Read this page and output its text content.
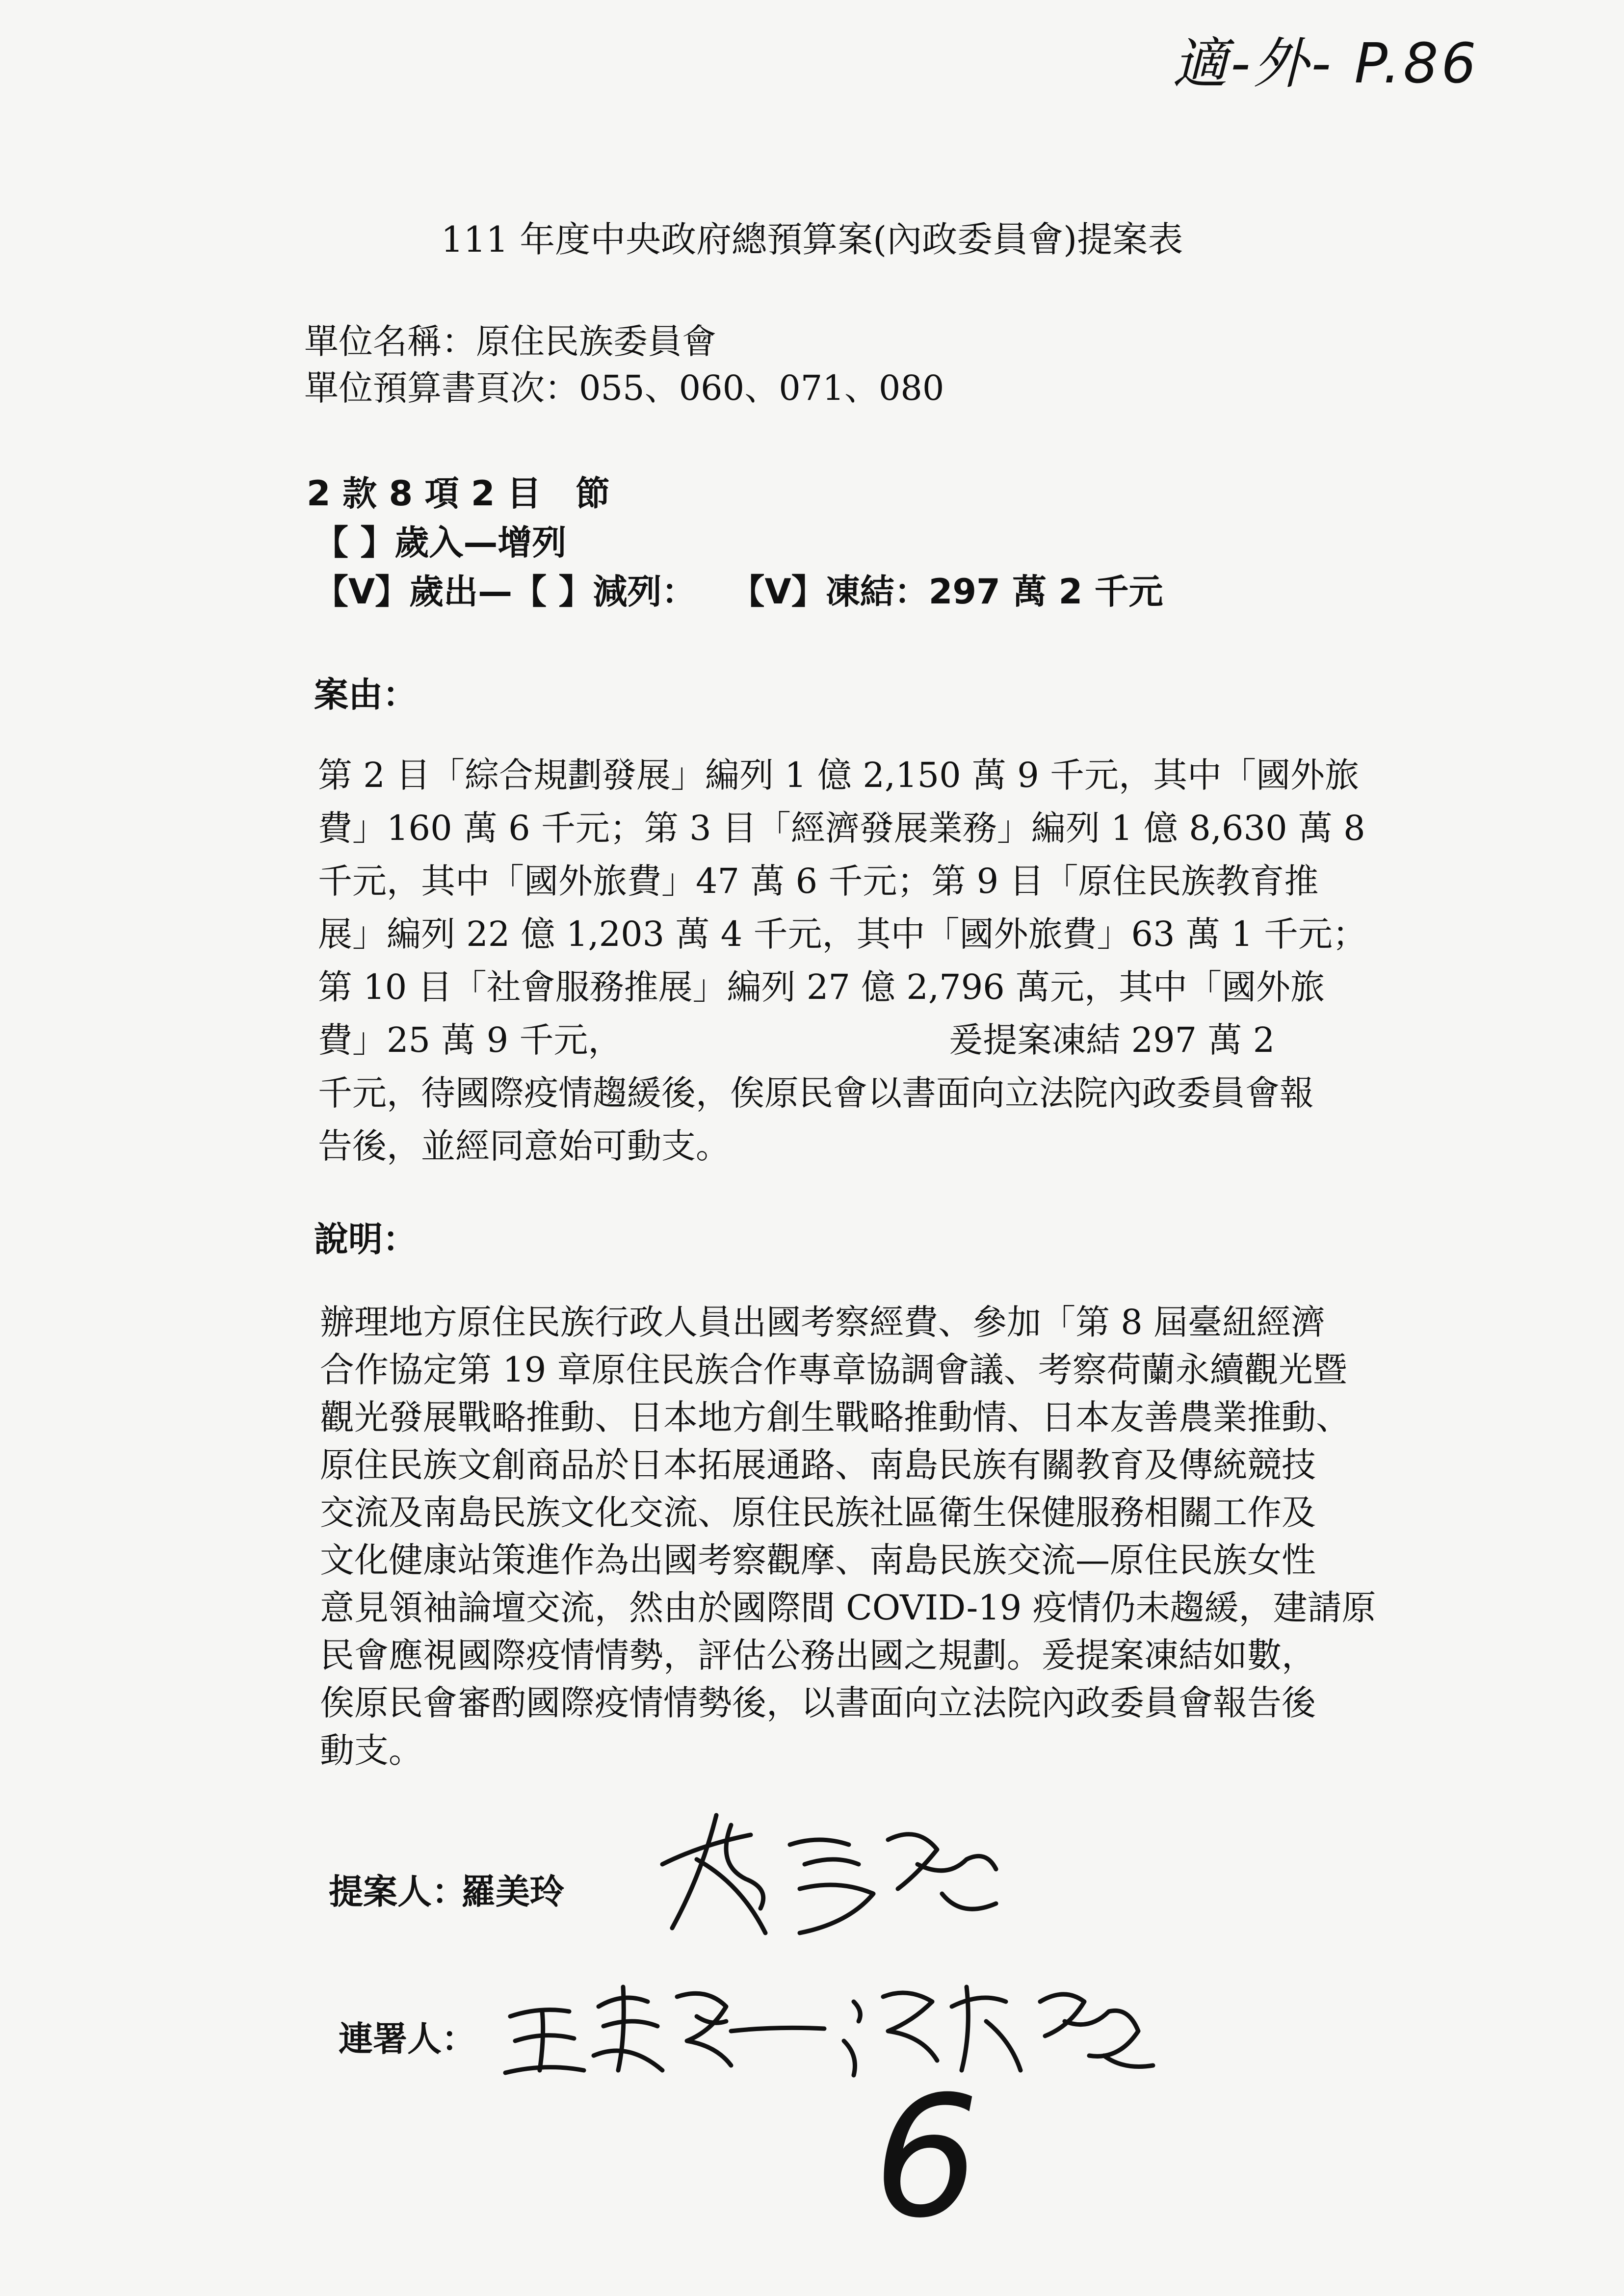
適-外- P.86
111 年度中央政府總預算案(內政委員會)提案表
單位名稱：原住民族委員會
單位預算書頁次：055、060、071、080
2 款 8 項 2 目　節
【 】歲入—增列
【V】歲出—【 】減列：　　【V】凍結：297 萬 2 千元
案由：
第 2 目「綜合規劃發展」編列 1 億 2,150 萬 9 千元，其中「國外旅
費」160 萬 6 千元；第 3 目「經濟發展業務」編列 1 億 8,630 萬 8
千元，其中「國外旅費」47 萬 6 千元；第 9 目「原住民族教育推
展」編列 22 億 1,203 萬 4 千元，其中「國外旅費」63 萬 1 千元；
第 10 目「社會服務推展」編列 27 億 2,796 萬元，其中「國外旅
費」25 萬 9 千元，　　　　　　　　　　爰提案凍結 297 萬 2
千元，待國際疫情趨緩後，俟原民會以書面向立法院內政委員會報
告後，並經同意始可動支。
說明：
辦理地方原住民族行政人員出國考察經費、參加「第 8 屆臺紐經濟
合作協定第 19 章原住民族合作專章協調會議、考察荷蘭永續觀光暨
觀光發展戰略推動、日本地方創生戰略推動情、日本友善農業推動、
原住民族文創商品於日本拓展通路、南島民族有關教育及傳統競技
交流及南島民族文化交流、原住民族社區衛生保健服務相關工作及
文化健康站策進作為出國考察觀摩、南島民族交流—原住民族女性
意見領袖論壇交流，然由於國際間 COVID-19 疫情仍未趨緩，建請原
民會應視國際疫情情勢，評估公務出國之規劃。爰提案凍結如數，
俟原民會審酌國際疫情情勢後，以書面向立法院內政委員會報告後
動支。
提案人：
羅美玲
連署人：
6
